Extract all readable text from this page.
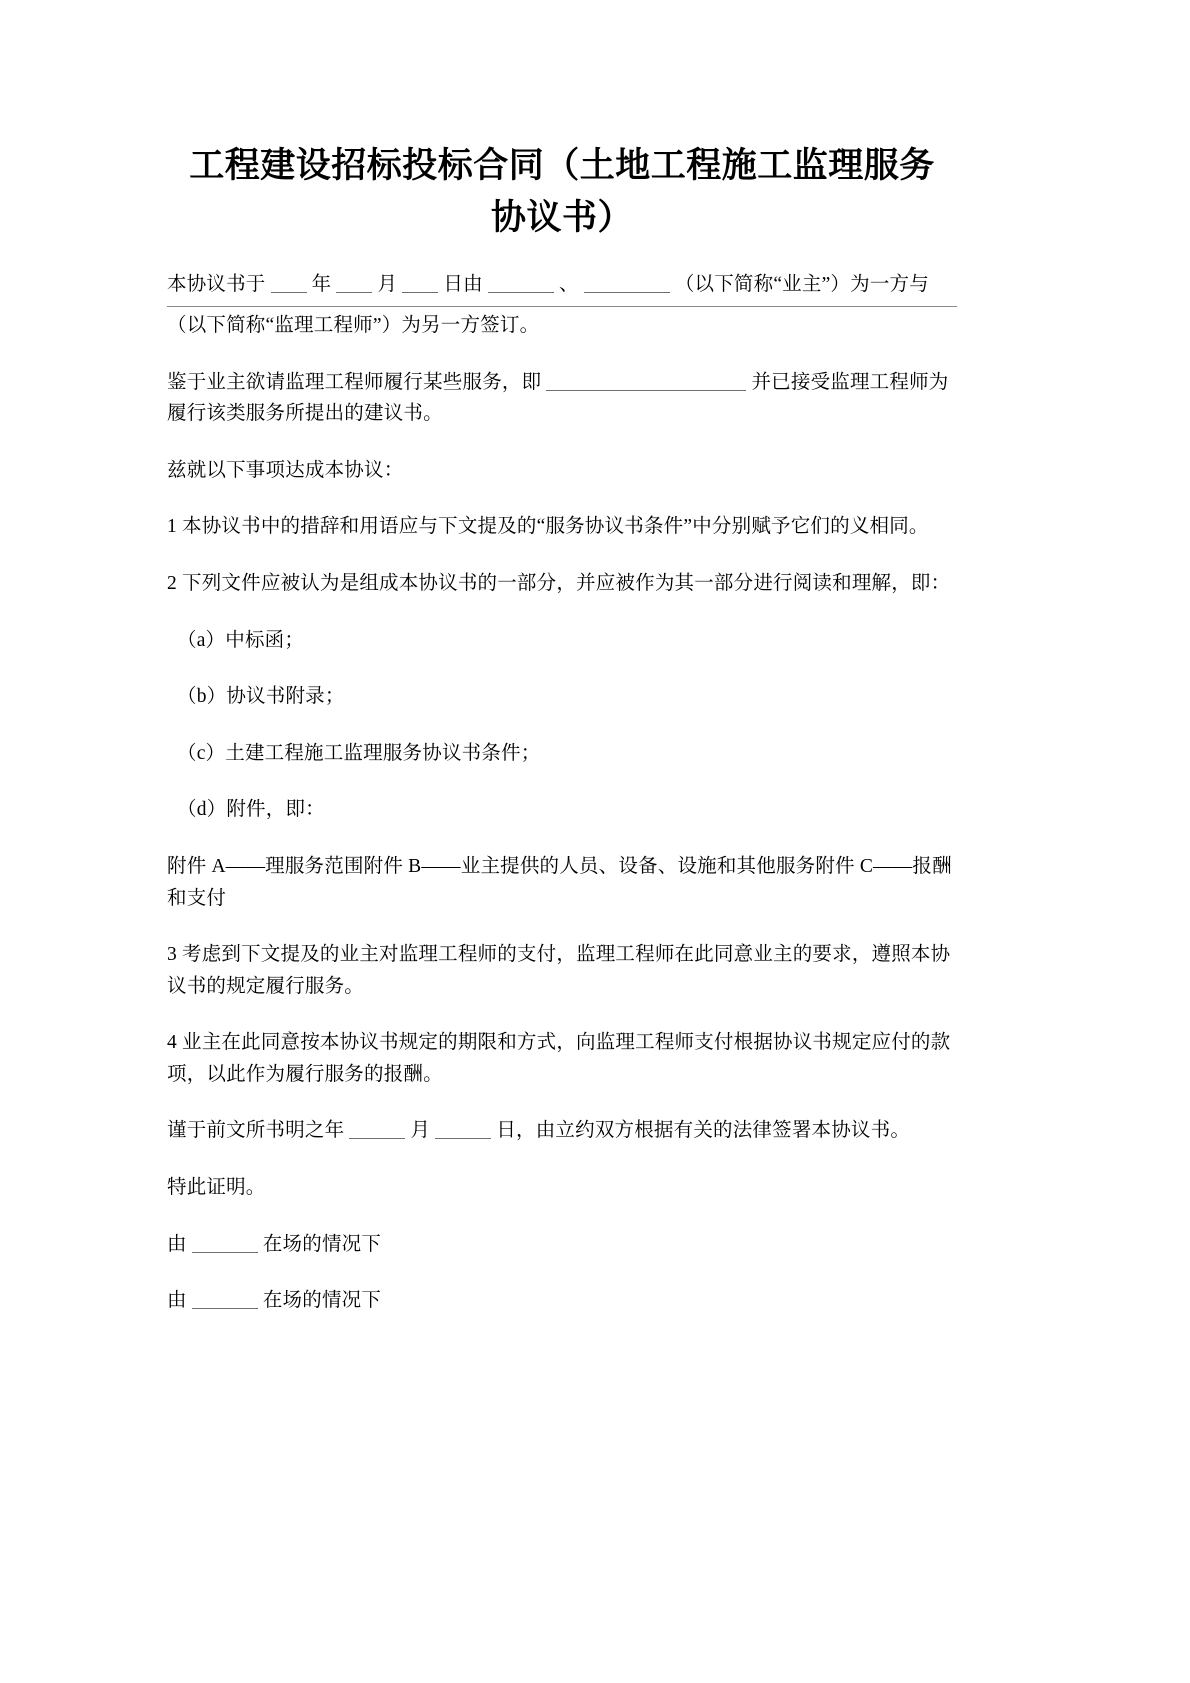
工程建设招标投标合同（土地工程施工监理服务协议书）

本协议书于 年 月 日由	、	（以下简称“业主”）为一方与
（以下简称“监理工程师”）为另一方签订。

鉴于业主欲请监理工程师履行某些服务，即	并已接受监理工程师为履行该类服务所提出的建议书。

兹就以下事项达成本协议：

1 本协议书中的措辞和用语应与下文提及的“服务协议书条件”中分别赋予它们的义相同。

2 下列文件应被认为是组成本协议书的一部分，并应被作为其一部分进行阅读和理解，即：

（a）中标函；

（b）协议书附录；

（c）土建工程施工监理服务协议书条件；

（d）附件，即：

附件 A——理服务范围附件 B——业主提供的人员、设备、设施和其他服务附件 C——报酬和支付

3 考虑到下文提及的业主对监理工程师的支付，监理工程师在此同意业主的要求，遵照本协议书的规定履行服务。

4 业主在此同意按本协议书规定的期限和方式，向监理工程师支付根据协议书规定应付的款项，以此作为履行服务的报酬。

谨于前文所书明之年	月	日，由立约双方根据有关的法律签署本协议书。

特此证明。

由	在场的情况下

由	在场的情况下
